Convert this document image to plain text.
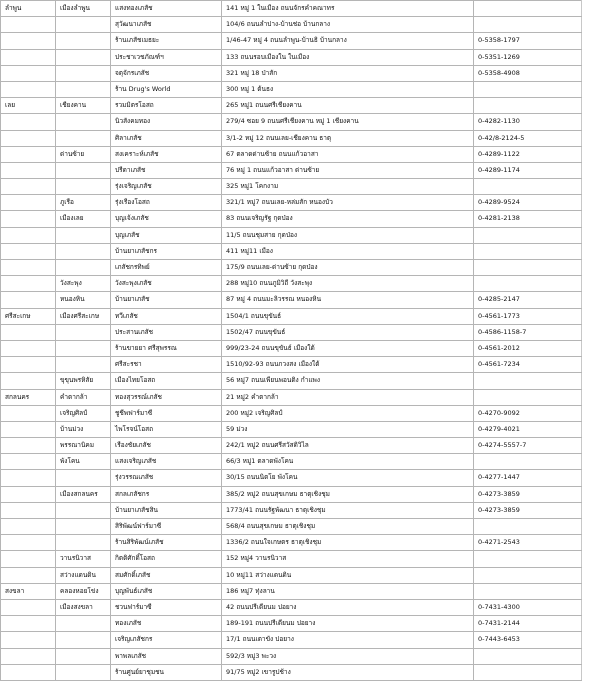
ลำพูน	เมืองลำพูน	แสงทองเภสัช	141 หมู่ 1 ในเมือง ถนนจักรคำคณาทร		
		สุวัฒนาเภสัช	104/6 ถนนลำปาง-บ้านช่อ บ้านกลาง		
		ร้านเภสัชเมธยะ	1/46-47 หมู่ 4 ถนนลำพูน-บ้านธิ บ้านกลาง	0-5358-1797	
		ประชาเวชภัณฑ์ฯ	133 ถนนรอบเมืองใน ในเมือง	0-5351-1269	
		จตุจักรเภสัช	321 หมู่ 18 ป่าสัก	0-5358-4908	
		ร้าน Drug's World	300 หมู่ 1 ต้นธง		
เลย	เชียงคาน	รวมมิตรโอสถ	265 หมู่1 ถนนศรีเชียงคาน		
		นิวสังคมทอง	279/4 ซอย 9 ถนนศรีเชียงคาน หมู่ 1 เชียงคาน	0-4282-1130	
		ศิลาเภสัช	3/1-2 หมู่ 12 ถนนเลย-เชียงคาน ธาตุ	0-42/8-2124-5	
	ด่านซ้าย	สงเคราะห์เภสัช	67 ตลาดด่านซ้าย ถนนแก้วอาสา	0-4289-1122	
		ปรีดาเภสัช	76 หมู่ 1 ถนนแก้วอาสา ด่านซ้าย	0-4289-1174	
		รุ่งเจริญเภสัช	325 หมู่1 โคกงาม		
	ภูเรือ	รุ่งเรืองโอสถ	321/1 หมู่7 ถนนเลย-หล่มสัก หนองบัว	0-4289-9524	
	เมืองเลย	บุญเจ้งเภสัช	83 ถนนเจริญรัฐ กุดป่อง	0-4281-2138	
		บุญเภสัช	11/5 ถนนชุมสาย กุดป่อง		
		บ้านยาเภสัชกร	411 หมู่11 เมือง		
		เภสัชกรทิพย์	175/9 ถนนเลย-ด่านซ้าย กุดป่อง		
	วังสะพุง	วังสะพุงเภสัช	288 หมู่10 ถนนภูมิวิถี วังสะพุง		
	หนองหิน	บ้านยาเภสัช	87 หมู่ 4 ถนนมะลิวรรณ หนองหิน	0-4285-2147	
ศรีสะเกษ	เมืองศรีสะเกษ	ทวีเภสัช	1504/1 ถนนขุขันธ์	0-4561-1773	
		ประสานเภสัช	1502/47 ถนนขุขันธ์	0-4586-1158-7	
		ร้านขายยา ศรีสุพรรณ	999/23-24 ถนนขุขันธ์ เมืองใต้	0-4561-2012	
		ศรีสะรชา	1510/92-93 ถนนกวงสง เมืองใต้	0-4561-7234	
	ขุขุนพรหิสัย	เมืองไทยโอสถ	56 หมู่7 ถนนเพียนพอนติง กำแพง		
สกลนคร	คำตากล้า	ทองสุวรรณ์เภสัช	21 หมู่2 คำตากล้า		
	เจริญศิลป์	ชูชีพฟาร์มาซี	200 หมู่2 เจริญศิลป์	0-4270-9092	
	บ้านม่วง	ไพโรจน์โอสถ	59 ม่วง	0-4279-4021	
	พรรณานิคม	เรืองชัยเภสัช	242/1 หมู่2 ถนนศรีสวัสดิวิไล	0-4274-5557-7	
	พังโคน	แสงเจริญเภสัช	66/3 หมู่1 ตลาดพังโคน		
		รุ่งวรรณเภสัช	30/15 ถนนนิตโย พังโคน	0-4277-1447	
	เมืองสกลนคร	สกลเภสัชกร	385/2 หมู่2 ถนนสุขเกษม ธาตุเชิงชุม	0-4273-3859	
		บ้านยาเภสัชสิน	1773/41 ถนนรัฐพัฒนา ธาตุเชิงชุม	0-4273-3859	
		สิริพัฒน์ฟาร์มาซี	568/4 ถนนสุขเกษม ธาตุเชิงชุม		
		ร้านสิริพัฒน์เภสัช	1336/2 ถนนใจเกษตร ธาตุเชิงชุม	0-4271-2543	
	วานรนิวาส	กิตติศักดิ์โอสถ	152 หมู่4 วานรนิวาส		
	สว่างแดนดิน	สมศักดิ์เภสัช	10 หมู่11 สว่างแดนดิน		
สงขลา	คลองหอยโข่ง	บุญพันธ์เภสัช	186 หมู่7 ทุ่งลาน		
	เมืองสงขลา	ชวนฟาร์มาซี	42 ถนนปรีเดียนม ปอยาง	0-7431-4300	
		ทองเภสัช	189-191 ถนนปรีเดียนม ปอยาง	0-7431-2144	
		เจริญเภสัชกร	17/1 ถนนเตาขัง ปอยาง	0-7443-6453	
		พาพลเภสัช	592/3 หมู่3 พะวง		
		ร้านศูนย์ยาชุมชน	91/75 หมู่2 เขารูปช้าง		
